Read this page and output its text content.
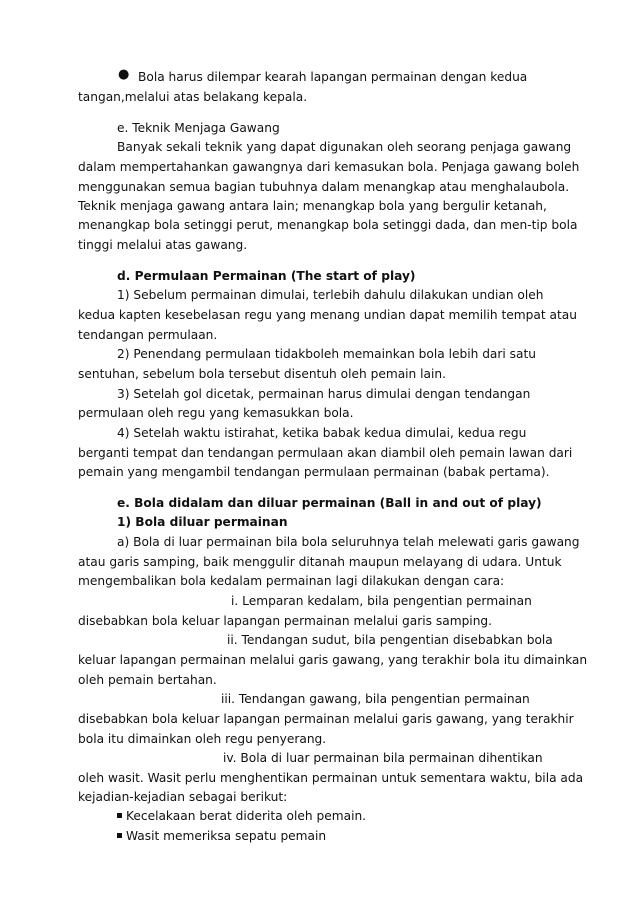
● Bola harus dilempar kearah lapangan permainan dengan kedua
tangan,melalui atas belakang kepala.
e. Teknik Menjaga Gawang
Banyak sekali teknik yang dapat digunakan oleh seorang penjaga gawang
dalam mempertahankan gawangnya dari kemasukan bola. Penjaga gawang boleh
menggunakan semua bagian tubuhnya dalam menangkap atau menghalaubola.
Teknik menjaga gawang antara lain; menangkap bola yang bergulir ketanah,
menangkap bola setinggi perut, menangkap bola setinggi dada, dan men-tip bola
tinggi melalui atas gawang.
d. Permulaan Permainan (The start of play)
1) Sebelum permainan dimulai, terlebih dahulu dilakukan undian oleh
kedua kapten kesebelasan regu yang menang undian dapat memilih tempat atau
tendangan permulaan.
2) Penendang permulaan tidakboleh memainkan bola lebih dari satu
sentuhan, sebelum bola tersebut disentuh oleh pemain lain.
3) Setelah gol dicetak, permainan harus dimulai dengan tendangan
permulaan oleh regu yang kemasukkan bola.
4) Setelah waktu istirahat, ketika babak kedua dimulai, kedua regu
berganti tempat dan tendangan permulaan akan diambil oleh pemain lawan dari
pemain yang mengambil tendangan permulaan permainan (babak pertama).
e. Bola didalam dan diluar permainan (Ball in and out of play)
1) Bola diluar permainan
a) Bola di luar permainan bila bola seluruhnya telah melewati garis gawang
atau garis samping, baik menggulir ditanah maupun melayang di udara. Untuk
mengembalikan bola kedalam permainan lagi dilakukan dengan cara:
i. Lemparan kedalam, bila pengentian permainan
disebabkan bola keluar lapangan permainan melalui garis samping.
ii. Tendangan sudut, bila pengentian disebabkan bola
keluar lapangan permainan melalui garis gawang, yang terakhir bola itu dimainkan
oleh pemain bertahan.
iii. Tendangan gawang, bila pengentian permainan
disebabkan bola keluar lapangan permainan melalui garis gawang, yang terakhir
bola itu dimainkan oleh regu penyerang.
iv. Bola di luar permainan bila permainan dihentikan
oleh wasit. Wasit perlu menghentikan permainan untuk sementara waktu, bila ada
kejadian-kejadian sebagai berikut:
Kecelakaan berat diderita oleh pemain.
Wasit memeriksa sepatu pemain
